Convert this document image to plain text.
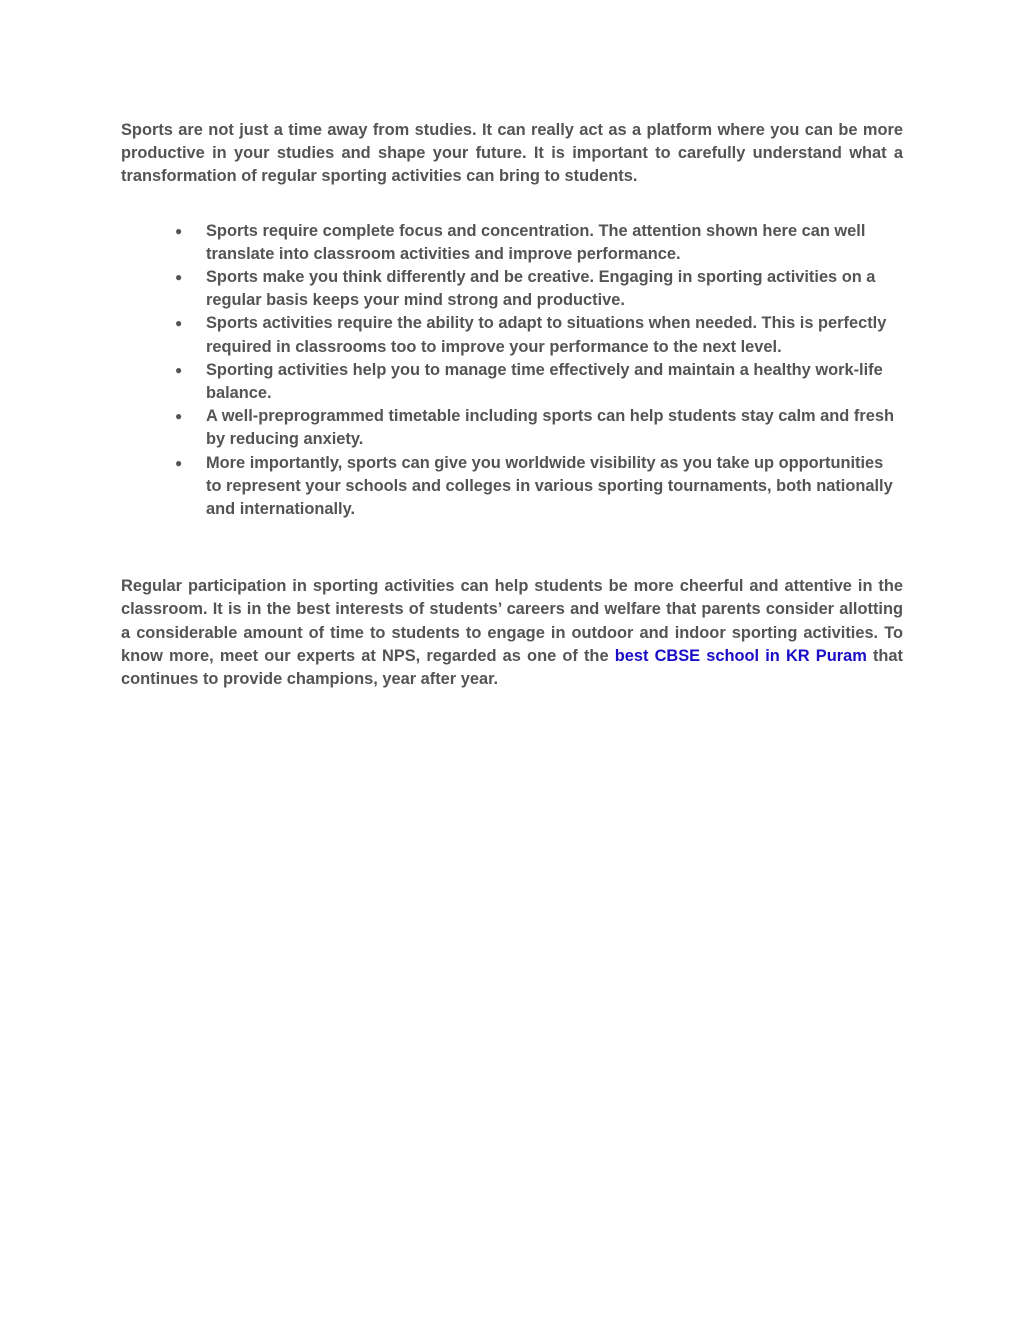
Sports are not just a time away from studies. It can really act as a platform where you can be more productive in your studies and shape your future. It is important to carefully understand what a transformation of regular sporting activities can bring to students.

● Sports require complete focus and concentration. The attention shown here can well translate into classroom activities and improve performance.
● Sports make you think differently and be creative. Engaging in sporting activities on a regular basis keeps your mind strong and productive.
● Sports activities require the ability to adapt to situations when needed. This is perfectly required in classrooms too to improve your performance to the next level.
● Sporting activities help you to manage time effectively and maintain a healthy work-life balance.
● A well-preprogrammed timetable including sports can help students stay calm and fresh by reducing anxiety.
● More importantly, sports can give you worldwide visibility as you take up opportunities to represent your schools and colleges in various sporting tournaments, both nationally and internationally.

Regular participation in sporting activities can help students be more cheerful and attentive in the classroom. It is in the best interests of students’ careers and welfare that parents consider allotting a considerable amount of time to students to engage in outdoor and indoor sporting activities. To know more, meet our experts at NPS, regarded as one of the best CBSE school in KR Puram that continues to provide champions, year after year.
